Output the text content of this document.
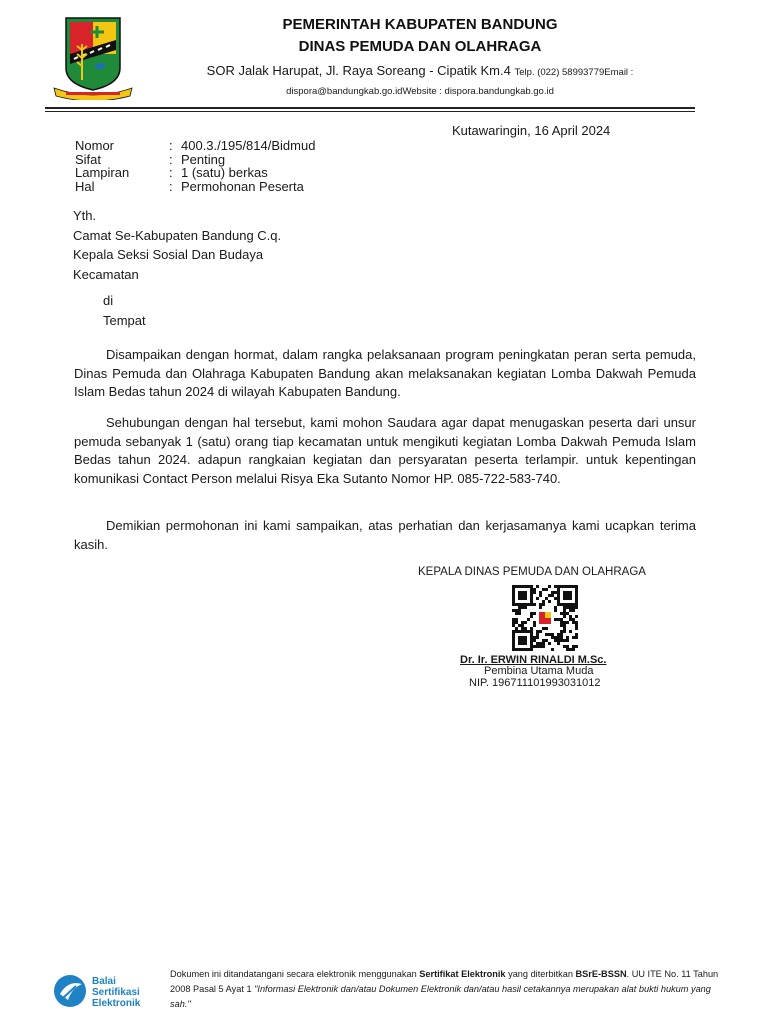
PEMERINTAH KABUPATEN BANDUNG
DINAS PEMUDA DAN OLAHRAGA
SOR Jalak Harupat, Jl. Raya Soreang - Cipatik Km.4 Telp. (022) 58993779Email :
dispora@bandungkab.go.idWebsite : dispora.bandungkab.go.id
Kutawaringin, 16 April 2024
Nomor	: 400.3./195/814/Bidmud
Sifat	: Penting
Lampiran	: 1 (satu) berkas
Hal	: Permohonan Peserta
Yth.
Camat Se-Kabupaten Bandung C.q.
Kepala Seksi Sosial Dan Budaya
Kecamatan
di
Tempat
Disampaikan dengan hormat, dalam rangka pelaksanaan program peningkatan peran serta pemuda, Dinas Pemuda dan Olahraga Kabupaten Bandung akan melaksanakan kegiatan Lomba Dakwah Pemuda Islam Bedas tahun 2024 di wilayah Kabupaten Bandung.
Sehubungan dengan hal tersebut, kami mohon Saudara agar dapat menugaskan peserta dari unsur pemuda sebanyak 1 (satu) orang tiap kecamatan untuk mengikuti kegiatan Lomba Dakwah Pemuda Islam Bedas tahun 2024. adapun rangkaian kegiatan dan persyaratan peserta terlampir. untuk kepentingan komunikasi Contact Person melalui Risya Eka Sutanto Nomor HP. 085-722-583-740.
Demikian permohonan ini kami sampaikan, atas perhatian dan kerjasamanya kami ucapkan terima kasih.
KEPALA DINAS PEMUDA DAN OLAHRAGA
Dr. Ir. ERWIN RINALDI M.Sc.
Pembina Utama Muda
NIP. 196711101993031012
Balai
Sertifikasi
Elektronik
Dokumen ini ditandatangani secara elektronik menggunakan Sertifikat Elektronik yang diterbitkan BSrE-BSSN. UU ITE No. 11 Tahun 2008 Pasal 5 Ayat 1 "Informasi Elektronik dan/atau Dokumen Elektronik dan/atau hasil cetakannya merupakan alat bukti hukum yang sah."
